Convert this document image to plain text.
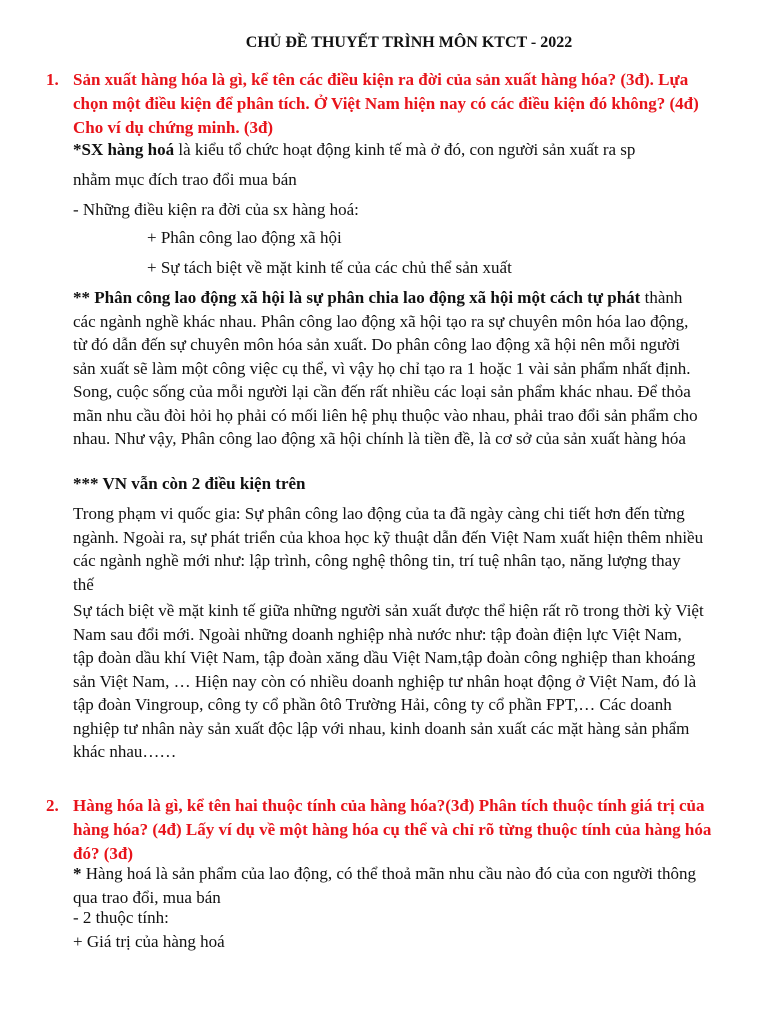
CHỦ ĐỀ THUYẾT TRÌNH MÔN KTCT - 2022
1. Sản xuất hàng hóa là gì, kể tên các điều kiện ra đời của sản xuất hàng hóa? (3đ). Lựa chọn một điều kiện để phân tích. Ở Việt Nam hiện nay có các điều kiện đó không? (4đ) Cho ví dụ chứng minh. (3đ)
*SX hàng hoá là kiểu tổ chức hoạt động kinh tế mà ở đó, con người sản xuất ra sp
nhằm mục đích trao đổi mua bán
- Những điều kiện ra đời của sx hàng hoá:
+ Phân công lao động xã hội
+ Sự tách biệt về mặt kinh tế của các chủ thể sản xuất
** Phân công lao động xã hội là sự phân chia lao động xã hội một cách tự phát thành các ngành nghề khác nhau. Phân công lao động xã hội tạo ra sự chuyên môn hóa lao động, từ đó dẫn đến sự chuyên môn hóa sản xuất. Do phân công lao động xã hội nên mỗi người sản xuất sẽ làm một công việc cụ thể, vì vậy họ chỉ tạo ra 1 hoặc 1 vài sản phẩm nhất định. Song, cuộc sống của mỗi người lại cần đến rất nhiều các loại sản phẩm khác nhau. Để thỏa mãn nhu cầu đòi hỏi họ phải có mối liên hệ phụ thuộc vào nhau, phải trao đổi sản phẩm cho nhau. Như vậy, Phân công lao động xã hội chính là tiền đề, là cơ sở của sản xuất hàng hóa
*** VN vẫn còn 2 điều kiện trên
Trong phạm vi quốc gia: Sự phân công lao động của ta đã ngày càng chi tiết hơn đến từng ngành. Ngoài ra, sự phát triển của khoa học kỹ thuật dẫn đến Việt Nam xuất hiện thêm nhiều các ngành nghề mới như: lập trình, công nghệ thông tin, trí tuệ nhân tạo, năng lượng thay thế
Sự tách biệt về mặt kinh tế giữa những người sản xuất được thể hiện rất rõ trong thời kỳ Việt Nam sau đổi mới. Ngoài những doanh nghiệp nhà nước như: tập đoàn điện lực Việt Nam, tập đoàn dầu khí Việt Nam, tập đoàn xăng dầu Việt Nam,tập đoàn công nghiệp than khoáng sản Việt Nam, … Hiện nay còn có nhiều doanh nghiệp tư nhân hoạt động ở Việt Nam, đó là tập đoàn Vingroup, công ty cổ phần ôtô Trường Hải, công ty cổ phần FPT,… Các doanh nghiệp tư nhân này sản xuất độc lập với nhau, kinh doanh sản xuất các mặt hàng sản phẩm khác nhau……
2. Hàng hóa là gì, kể tên hai thuộc tính của hàng hóa?(3đ) Phân tích thuộc tính giá trị của hàng hóa? (4đ) Lấy ví dụ về một hàng hóa cụ thể và chỉ rõ từng thuộc tính của hàng hóa đó? (3đ)
* Hàng hoá là sản phẩm của lao động, có thể thoả mãn nhu cầu nào đó của con người thông qua trao đổi, mua bán
- 2 thuộc tính:
+ Giá trị của hàng hoá
